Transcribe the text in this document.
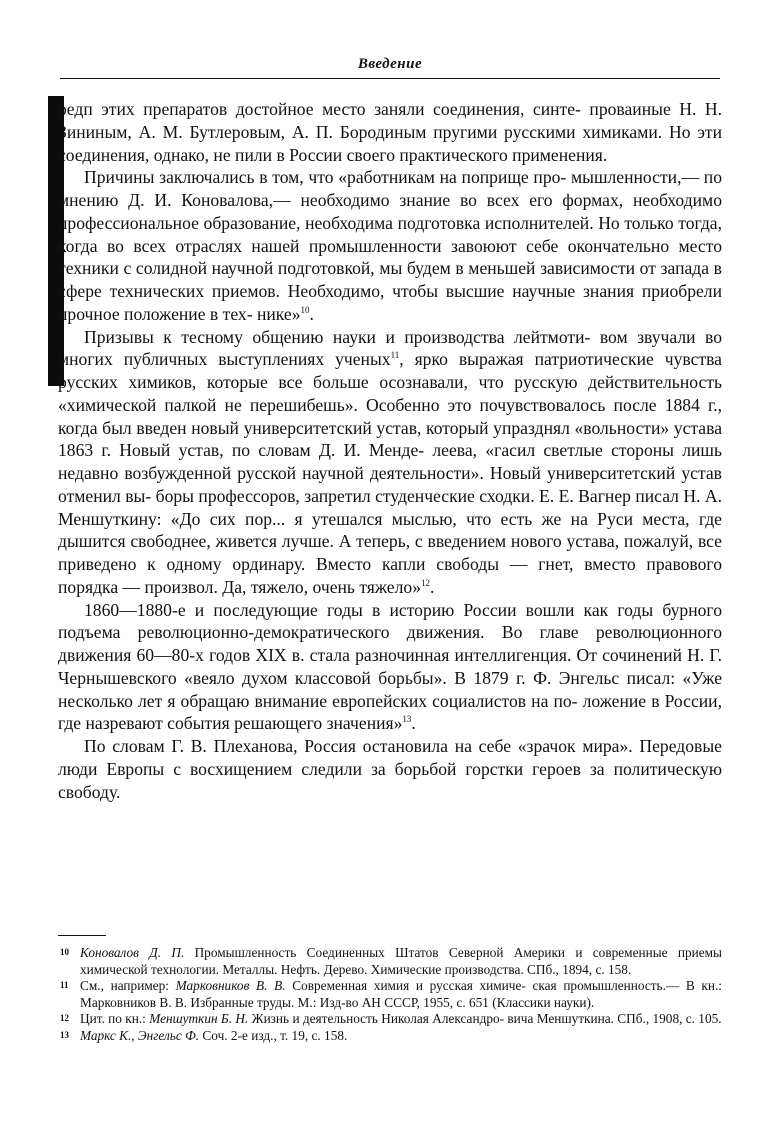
Введение

редп этих препаратов достойное место заняли соединения, синте- проваиные Н. Н. Зининым, А. М. Бутлеровым, А. П. Бородиным пругими русскими химиками. Но эти соединения, однако, не пили в России своего практического применения.

Причины заключались в том, что «работникам на поприще про- мышленности,— по мнению Д. И. Коновалова,— необходимо знание во всех его формах, необходимо профессиональное образование, необходима подготовка исполнителей. Но только тогда, когда во всех отраслях нашей промышленности завоюют себе окончательно место техники с солидной научной подготовкой, мы будем в меньшей зависимости от запада в сфере технических приемов. Необходимо, чтобы высшие научные знания приобрели прочное положение в тех- нике»$^{10}$.

Призывы к тесному общению науки и производства лейтмоти- вом звучали во многих публичных выступлениях ученых$^{11}$, ярко выражая патриотические чувства русских химиков, которые все больше осознавали, что русскую действительность «химической палкой не перешибешь». Особенно это почувствовалось после 1884 г., когда был введен новый университетский устав, который упразднял «вольности» устава 1863 г. Новый устав, по словам Д. И. Менде- леева, «гасил светлые стороны лишь недавно возбужденной русской научной деятельности». Новый университетский устав отменил вы- боры профессоров, запретил студенческие сходки. Е. Е. Вагнер писал Н. А. Меншуткину: «До сих пор... я утешался мыслью, что есть же на Руси места, где дышится свободнее, живется лучше. А теперь, с введением нового устава, пожалуй, все приведено к одному ординару. Вместо капли свободы — гнет, вместо правового порядка — произвол. Да, тяжело, очень тяжело»$^{12}$.

1860—1880-е и последующие годы в историю России вошли как годы бурного подъема революционно-демократического движения. Во главе революционного движения 60—80-х годов XIX в. стала разночинная интеллигенция. От сочинений Н. Г. Чернышевского «веяло духом классовой борьбы». В 1879 г. Ф. Энгельс писал: «Уже несколько лет я обращаю внимание европейских социалистов на по- ложение в России, где назревают события решающего значения»$^{13}$.

По словам Г. В. Плеханова, Россия остановила на себе «зрачок мира». Передовые люди Европы с восхищением следили за борьбой горстки героев за политическую свободу.

10 Коновалов Д. П. Промышленность Соединенных Штатов Северной Америки и современные приемы химической технологии. Металлы. Нефть. Дерево. Химические производства. СПб., 1894, с. 158.
11 См., например: Марковников В. В. Современная химия и русская химиче- ская промышленность.— В кн.: Марковников В. В. Избранные труды. М.: Изд-во АН СССР, 1955, с. 651 (Классики науки).
12 Цит. по кн.: Меншуткин Б. Н. Жизнь и деятельность Николая Александро- вича Меншуткина. СПб., 1908, с. 105.
13 Маркс К., Энгельс Ф. Соч. 2-е изд., т. 19, с. 158.
